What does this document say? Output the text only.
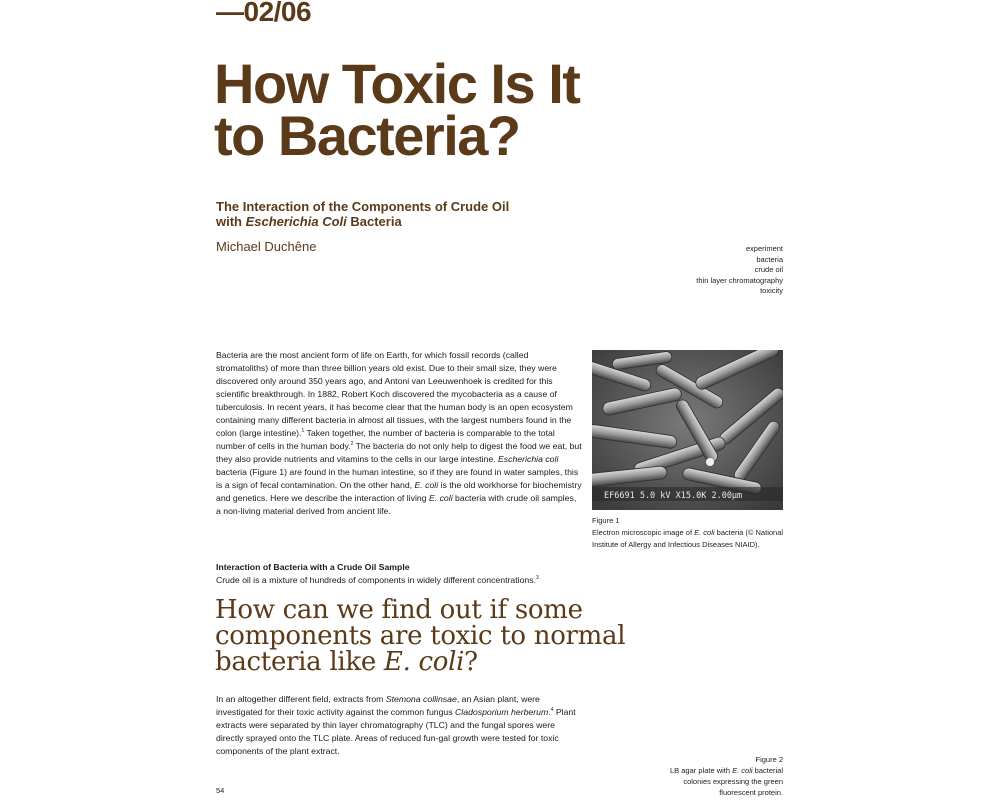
—02/06
How Toxic Is It
to Bacteria?
The Interaction of the Components of Crude Oil
with Escherichia Coli Bacteria
Michael Duchêne	experiment
bacteria
crude oil
thin layer chromatography
toxicity

Bacteria are the most ancient form of life on Earth, for which fossil records (called stromatoliths) of more than three billion years old exist. Due to their small size, they were discovered only around 350 years ago, and Antoni van Leeuwenhoek is credited for this scientific breakthrough. In 1882, Robert Koch discovered the mycobacteria as a cause of tuberculosis. In recent years, it has become clear that the human body is an open ecosystem containing many different bacteria in almost all tissues, with the largest numbers found in the colon (large intestine).$^1$ Taken together, the number of bacteria is comparable to the total number of cells in the human body.$^2$ The bacteria do not only help to digest the food we eat, but they also provide nutrients and vitamins to the cells in our large intestine. Escherichia coli bacteria (Figure 1) are found in the human intestine, so if they are found in water samples, this is a sign of fecal contamination. On the other hand, E. coli is the old workhorse for biochemistry and genetics. Here we describe the interaction of living E. coli bacteria with crude oil samples, a non-living material derived from ancient life.

Interaction of Bacteria with a Crude Oil Sample

Crude oil is a mixture of hundreds of components in widely different concentrations.$^3$

How can we find out if some components are toxic to normal bacteria like E. coli?

In an altogether different field, extracts from Stemona collinsae, an Asian plant, were investigated for their toxic activity against the common fungus Cladosporium herberum.$^4$ Plant extracts were separated by thin layer chromatography (TLC) and the fungal spores were directly sprayed onto the TLC plate. Areas of reduced fun-gal growth were tested for toxic components of the plant extract.

EF6691 5.0 kV X15.0K 2.00µm
Figure 1
Electron microscopic image of E. coli bacteria (© National Institute of Allergy and Infectious Diseases NIAID).
Figure 2
LB agar plate with E. coli bacterial
colonies expressing the green
fluorescent protein.
54
